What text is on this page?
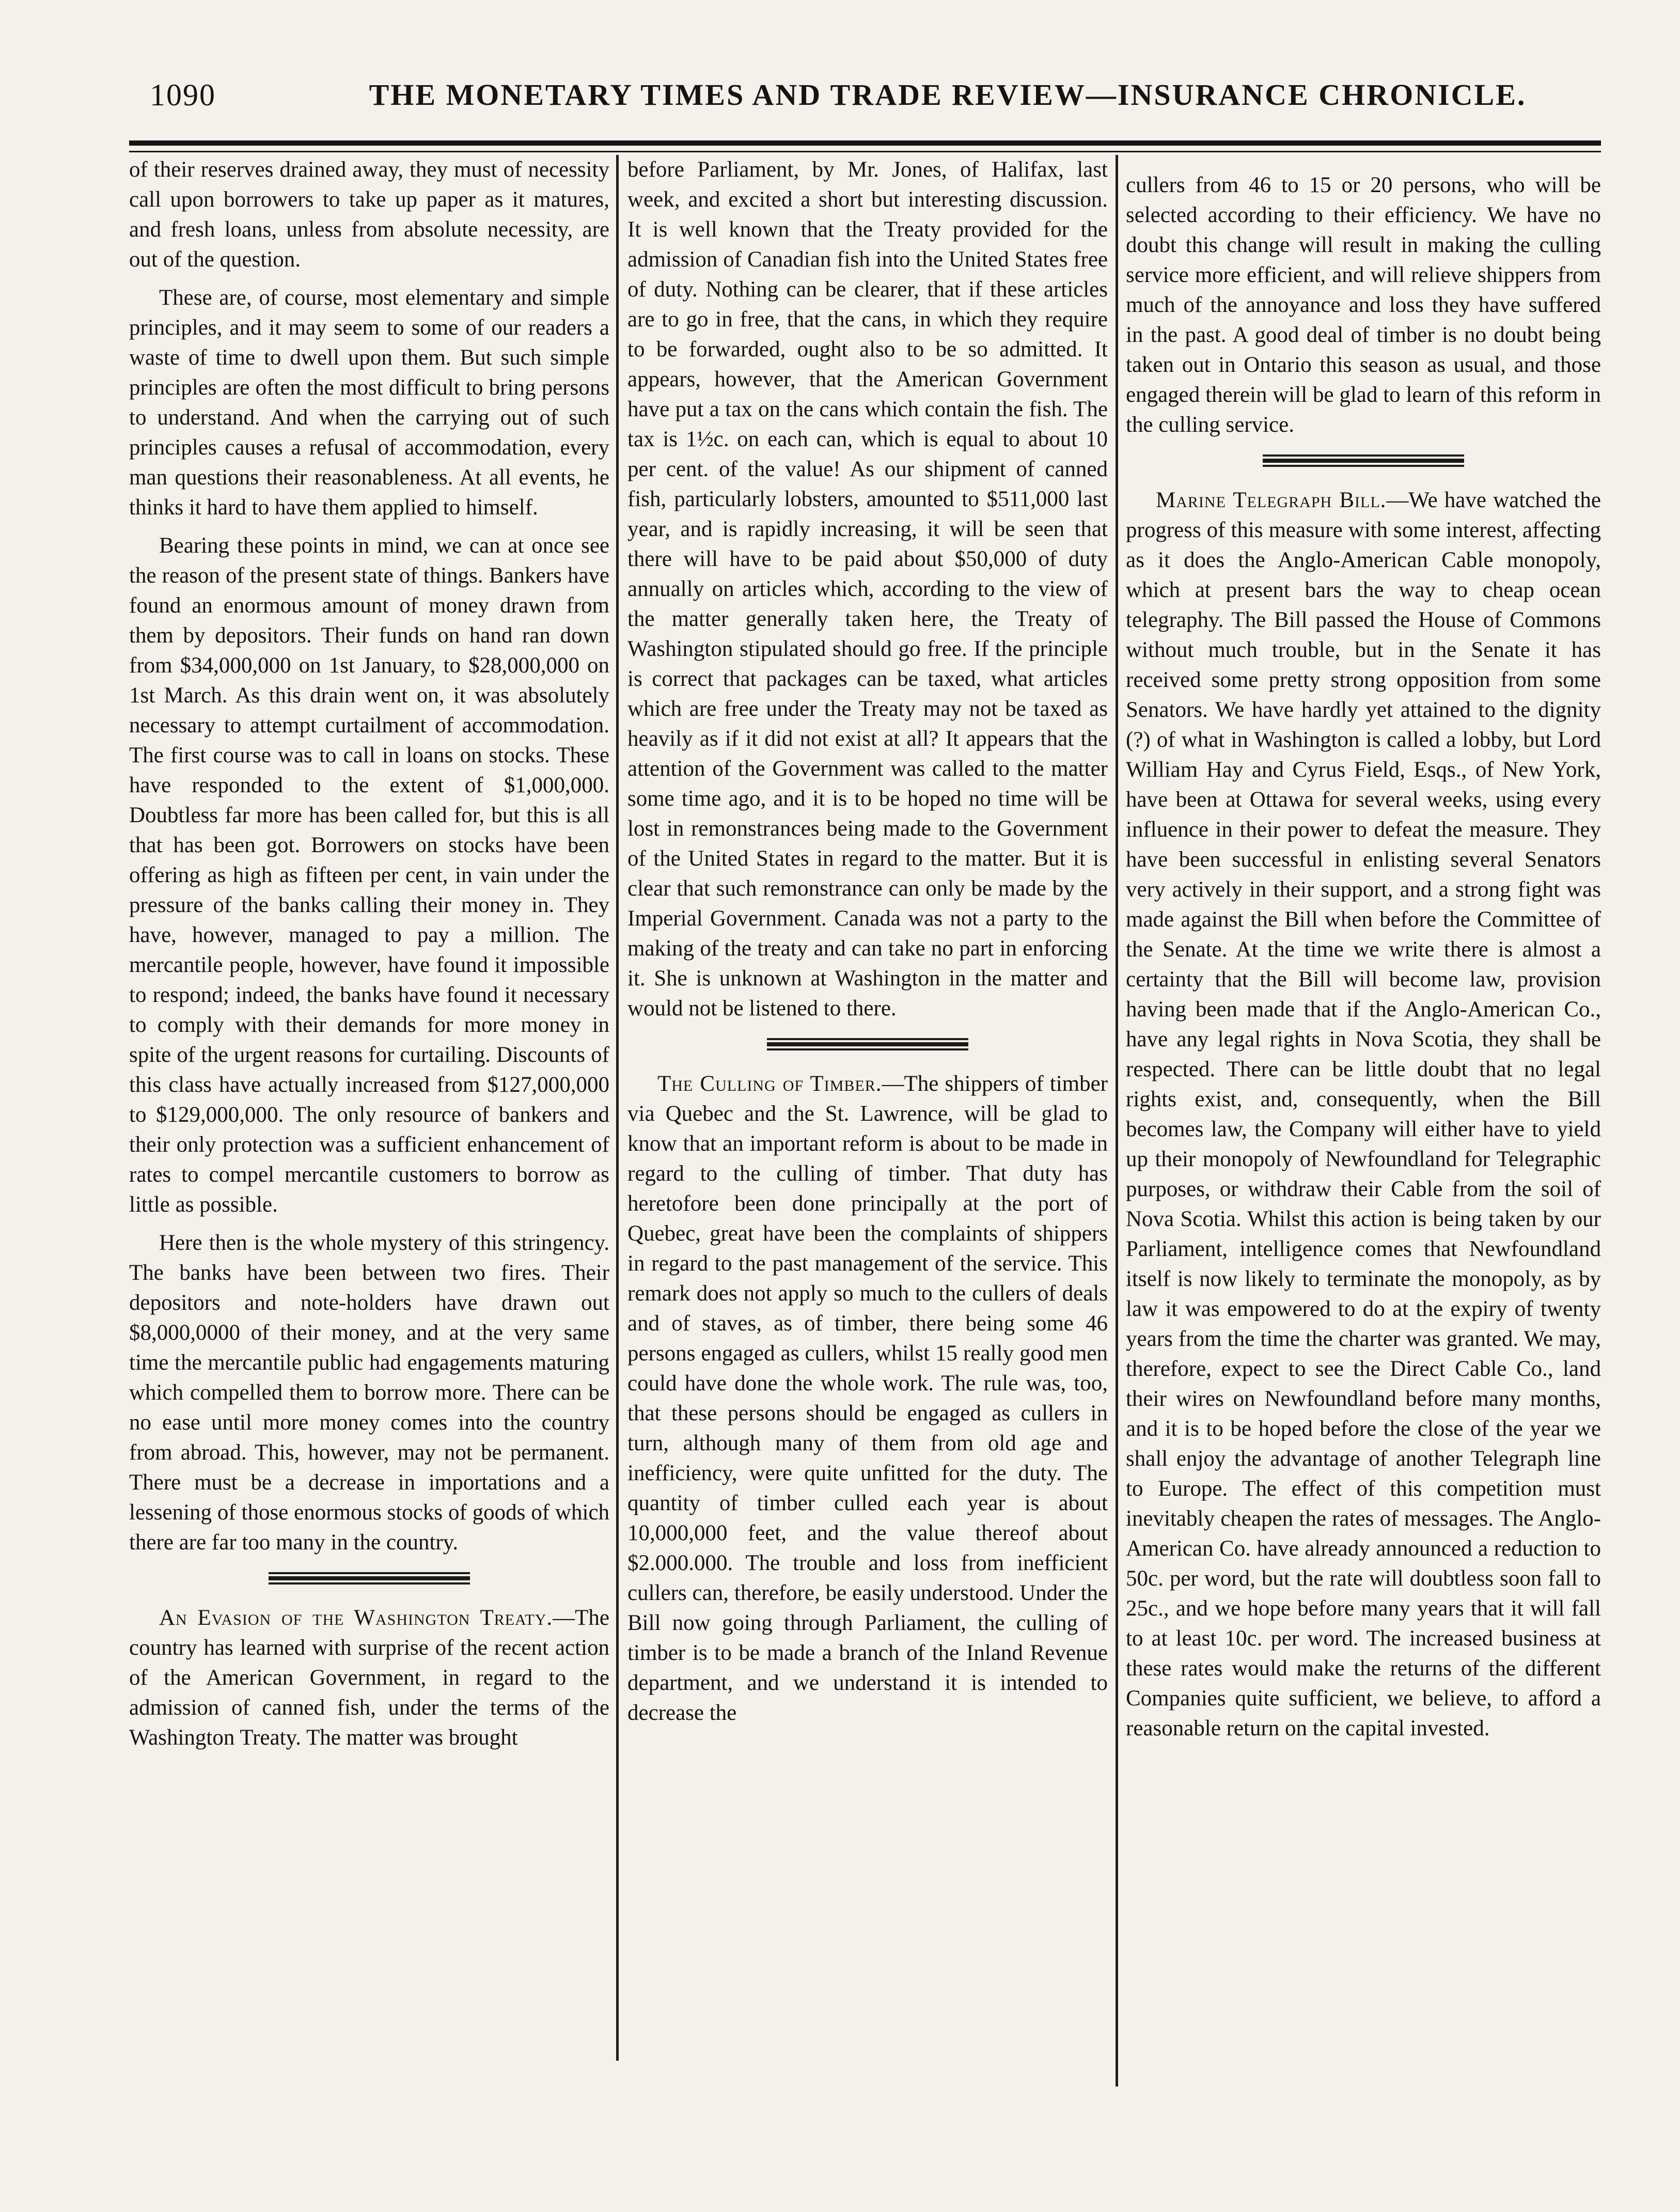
1090	THE MONETARY TIMES AND TRADE REVIEW—INSURANCE CHRONICLE.

of their reserves drained away, they must of necessity call upon borrowers to take up paper as it matures, and fresh loans, unless from absolute necessity, are out of the question.

These are, of course, most elementary and simple principles, and it may seem to some of our readers a waste of time to dwell upon them. But such simple principles are often the most difficult to bring persons to understand. And when the carrying out of such principles causes a refusal of accommodation, every man questions their reasonableness. At all events, he thinks it hard to have them applied to himself.

Bearing these points in mind, we can at once see the reason of the present state of things. Bankers have found an enormous amount of money drawn from them by depositors. Their funds on hand ran down from $34,000,000 on 1st January, to $28,000,000 on 1st March. As this drain went on, it was absolutely necessary to attempt curtailment of accommodation. The first course was to call in loans on stocks. These have responded to the extent of $1,000,000. Doubtless far more has been called for, but this is all that has been got. Borrowers on stocks have been offering as high as fifteen per cent, in vain under the pressure of the banks calling their money in. They have, however, managed to pay a million. The mercantile people, however, have found it impossible to respond; indeed, the banks have found it necessary to comply with their demands for more money in spite of the urgent reasons for curtailing. Discounts of this class have actually increased from $127,000,000 to $129,000,000. The only resource of bankers and their only protection was a sufficient enhancement of rates to compel mercantile customers to borrow as little as possible.

Here then is the whole mystery of this stringency. The banks have been between two fires. Their depositors and note-holders have drawn out $8,000,0000 of their money, and at the very same time the mercantile public had engagements maturing which compelled them to borrow more. There can be no ease until more money comes into the country from abroad. This, however, may not be permanent. There must be a decrease in importations and a lessening of those enormous stocks of goods of which there are far too many in the country.

An Evasion of the Washington Treaty.—The country has learned with surprise of the recent action of the American Government, in regard to the admission of canned fish, under the terms of the Washington Treaty. The matter was brought

before Parliament, by Mr. Jones, of Halifax, last week, and excited a short but interesting discussion. It is well known that the Treaty provided for the admission of Canadian fish into the United States free of duty. Nothing can be clearer, that if these articles are to go in free, that the cans, in which they require to be forwarded, ought also to be so admitted. It appears, however, that the American Government have put a tax on the cans which contain the fish. The tax is 1½c. on each can, which is equal to about 10 per cent. of the value! As our shipment of canned fish, particularly lobsters, amounted to $511,000 last year, and is rapidly increasing, it will be seen that there will have to be paid about $50,000 of duty annually on articles which, according to the view of the matter generally taken here, the Treaty of Washington stipulated should go free. If the principle is correct that packages can be taxed, what articles which are free under the Treaty may not be taxed as heavily as if it did not exist at all? It appears that the attention of the Government was called to the matter some time ago, and it is to be hoped no time will be lost in remonstrances being made to the Government of the United States in regard to the matter. But it is clear that such remonstrance can only be made by the Imperial Government. Canada was not a party to the making of the treaty and can take no part in enforcing it. She is unknown at Washington in the matter and would not be listened to there.

The Culling of Timber.—The shippers of timber via Quebec and the St. Lawrence, will be glad to know that an important reform is about to be made in regard to the culling of timber. That duty has heretofore been done principally at the port of Quebec, great have been the complaints of shippers in regard to the past management of the service. This remark does not apply so much to the cullers of deals and of staves, as of timber, there being some 46 persons engaged as cullers, whilst 15 really good men could have done the whole work. The rule was, too, that these persons should be engaged as cullers in turn, although many of them from old age and inefficiency, were quite unfitted for the duty. The quantity of timber culled each year is about 10,000,000 feet, and the value thereof about $2.000.000. The trouble and loss from inefficient cullers can, therefore, be easily understood. Under the Bill now going through Parliament, the culling of timber is to be made a branch of the Inland Revenue department, and we understand it is intended to decrease the

cullers from 46 to 15 or 20 persons, who will be selected according to their efficiency. We have no doubt this change will result in making the culling service more efficient, and will relieve shippers from much of the annoyance and loss they have suffered in the past. A good deal of timber is no doubt being taken out in Ontario this season as usual, and those engaged therein will be glad to learn of this reform in the culling service.

Marine Telegraph Bill.—We have watched the progress of this measure with some interest, affecting as it does the Anglo-American Cable monopoly, which at present bars the way to cheap ocean telegraphy. The Bill passed the House of Commons without much trouble, but in the Senate it has received some pretty strong opposition from some Senators. We have hardly yet attained to the dignity (?) of what in Washington is called a lobby, but Lord William Hay and Cyrus Field, Esqs., of New York, have been at Ottawa for several weeks, using every influence in their power to defeat the measure. They have been successful in enlisting several Senators very actively in their support, and a strong fight was made against the Bill when before the Committee of the Senate. At the time we write there is almost a certainty that the Bill will become law, provision having been made that if the Anglo-American Co., have any legal rights in Nova Scotia, they shall be respected. There can be little doubt that no legal rights exist, and, consequently, when the Bill becomes law, the Company will either have to yield up their monopoly of Newfoundland for Telegraphic purposes, or withdraw their Cable from the soil of Nova Scotia. Whilst this action is being taken by our Parliament, intelligence comes that Newfoundland itself is now likely to terminate the monopoly, as by law it was empowered to do at the expiry of twenty years from the time the charter was granted. We may, therefore, expect to see the Direct Cable Co., land their wires on Newfoundland before many months, and it is to be hoped before the close of the year we shall enjoy the advantage of another Telegraph line to Europe. The effect of this competition must inevitably cheapen the rates of messages. The Anglo-American Co. have already announced a reduction to 50c. per word, but the rate will doubtless soon fall to 25c., and we hope before many years that it will fall to at least 10c. per word. The increased business at these rates would make the returns of the different Companies quite sufficient, we believe, to afford a reasonable return on the capital invested.
